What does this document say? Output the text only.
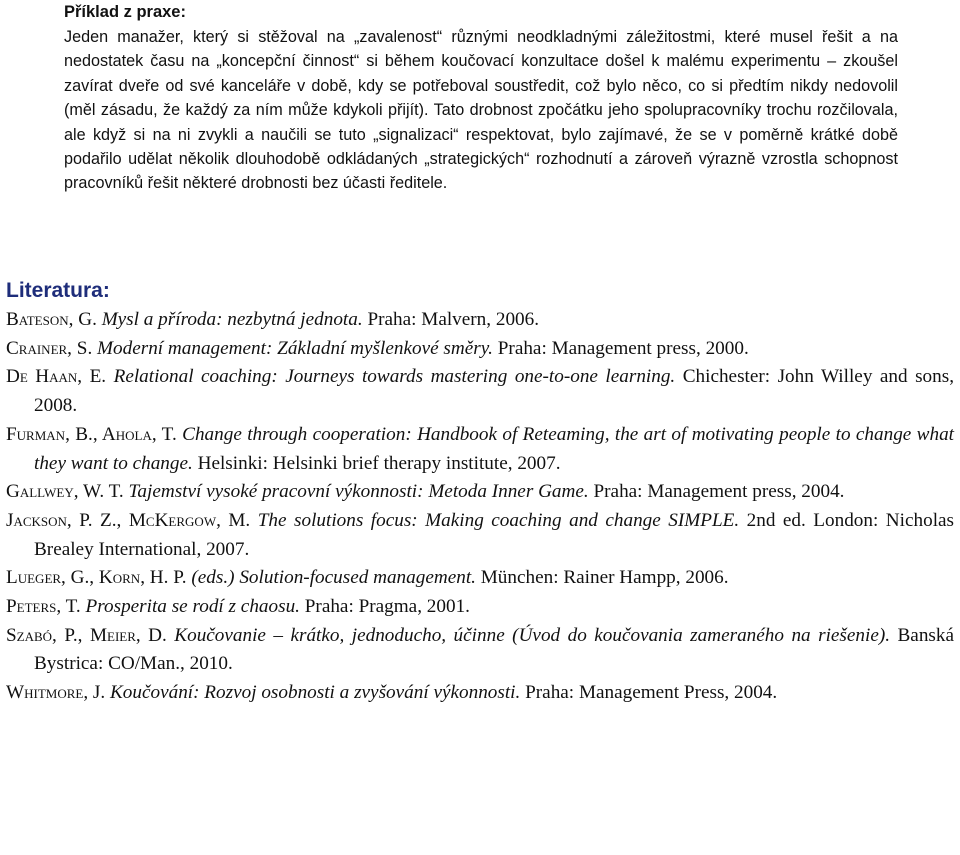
Příklad z praxe:

Jeden manažer, který si stěžoval na „zavalenost“ různými neodkladnými záležitostmi, které musel řešit a na nedostatek času na „koncepční činnost“ si během koučovací konzultace došel k malému experimentu – zkoušel zavírat dveře od své kanceláře v době, kdy se potřeboval soustředit, což bylo něco, co si předtím nikdy nedovolil (měl zásadu, že každý za ním může kdykoli přijít). Tato drobnost zpočátku jeho spolupracovníky trochu rozčilovala, ale když si na ni zvykli a naučili se tuto „signalizaci“ respektovat, bylo zajímavé, že se v poměrně krátké době podařilo udělat několik dlouhodobě odkládaných „strategických“ rozhodnutí a zároveň výrazně vzrostla schopnost pracovníků řešit některé drobnosti bez účasti ředitele.

Literatura:
Bateson, G. Mysl a příroda: nezbytná jednota. Praha: Malvern, 2006.
Crainer, S. Moderní management: Základní myšlenkové směry. Praha: Management press, 2000.
De Haan, E. Relational coaching: Journeys towards mastering one-to-one learning. Chichester: John Willey and sons, 2008.
Furman, B., Ahola, T. Change through cooperation: Handbook of Reteaming, the art of motivating people to change what they want to change. Helsinki: Helsinki brief therapy institute, 2007.
Gallwey, W. T. Tajemství vysoké pracovní výkonnosti: Metoda Inner Game. Praha: Management press, 2004.
Jackson, P. Z., McKergow, M. The solutions focus: Making coaching and change SIMPLE. 2nd ed. London: Nicholas Brealey International, 2007.
Lueger, G., Korn, H. P. (eds.) Solution-focused management. München: Rainer Hampp, 2006.
Peters, T. Prosperita se rodí z chaosu. Praha: Pragma, 2001.
Szabó, P., Meier, D. Koučovanie – krátko, jednoducho, účinne (Úvod do koučovania zameraného na riešenie). Banská Bystrica: CO/Man., 2010.
Whitmore, J. Koučování: Rozvoj osobnosti a zvyšování výkonnosti. Praha: Management Press, 2004.
